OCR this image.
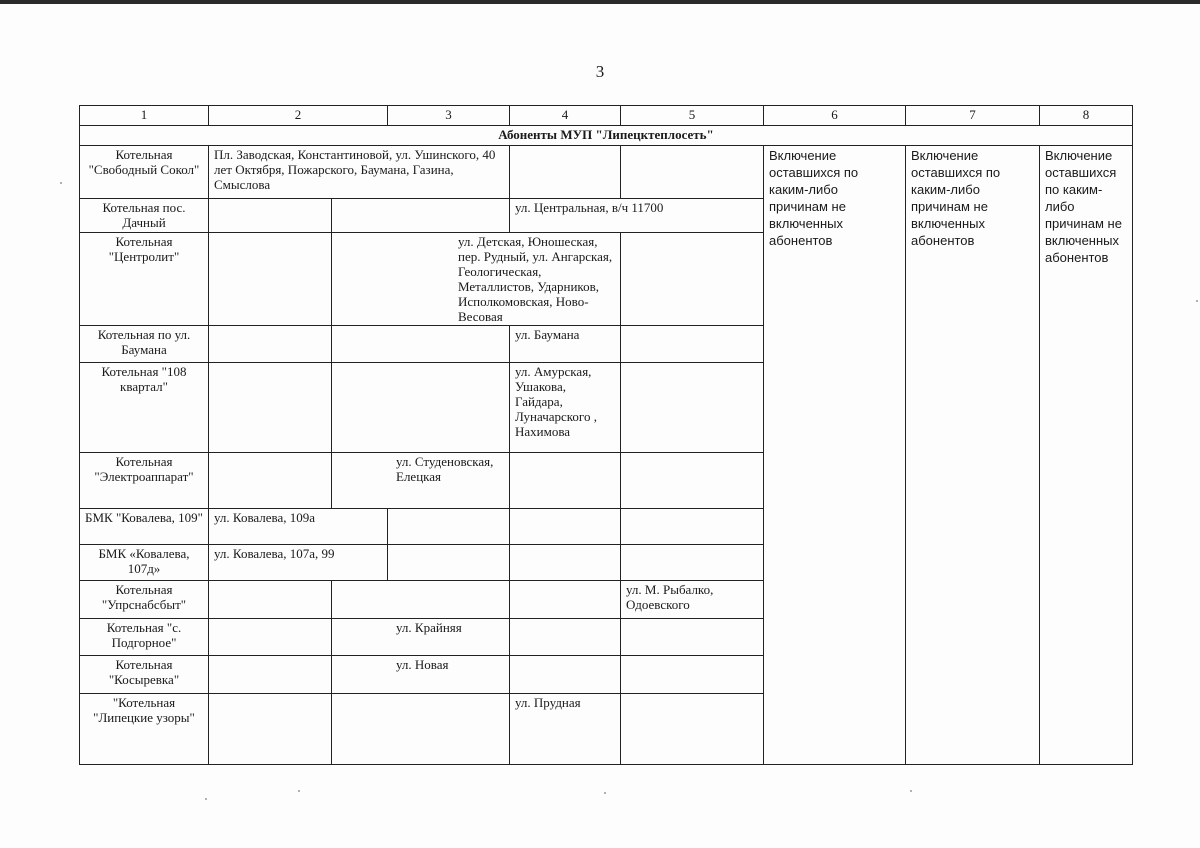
3
1	2		3	4	5	6	7	8
Абоненты МУП "Липецктеплосеть"								
Котельная "Свободный Сокол"	Пл. Заводская, Константиновой, ул. Ушинского, 40 лет Октября, Пожарского, Баумана, Газина, Смыслова					Включение оставшихся по каким-либо причинам не включенных абонентов	Включение оставшихся по каким-либо причинам не включенных абонентов	Включение оставшихся по каким-либо причинам не включенных абонентов
Котельная пос. Дачный				ул. Центральная, в/ч 11700				
Котельная "Центролит"		ул. Детская, Юношеская, пер. Рудный, ул. Ангарская, Геологическая, Металлистов, Ударников, Исполкомовская, Ново-Весовая						
Котельная по ул. Баумана				ул. Баумана				
Котельная "108 квартал"				ул. Амурская, Ушакова, Гайдара, Луначарского , Нахимова				
Котельная "Электроаппарат"		ул. Студеновская, Елецкая						
БМК "Ковалева, 109"	ул. Ковалева, 109а							
БМК «Ковалева, 107д»	ул. Ковалева, 107а, 99							
Котельная "Упрснабсбыт"					ул. М. Рыбалко, Одоевского			
Котельная "с. Подгорное"		ул. Крайняя						
Котельная "Косыревка"		ул. Новая						
"Котельная "Липецкие узоры"				ул. Прудная				
